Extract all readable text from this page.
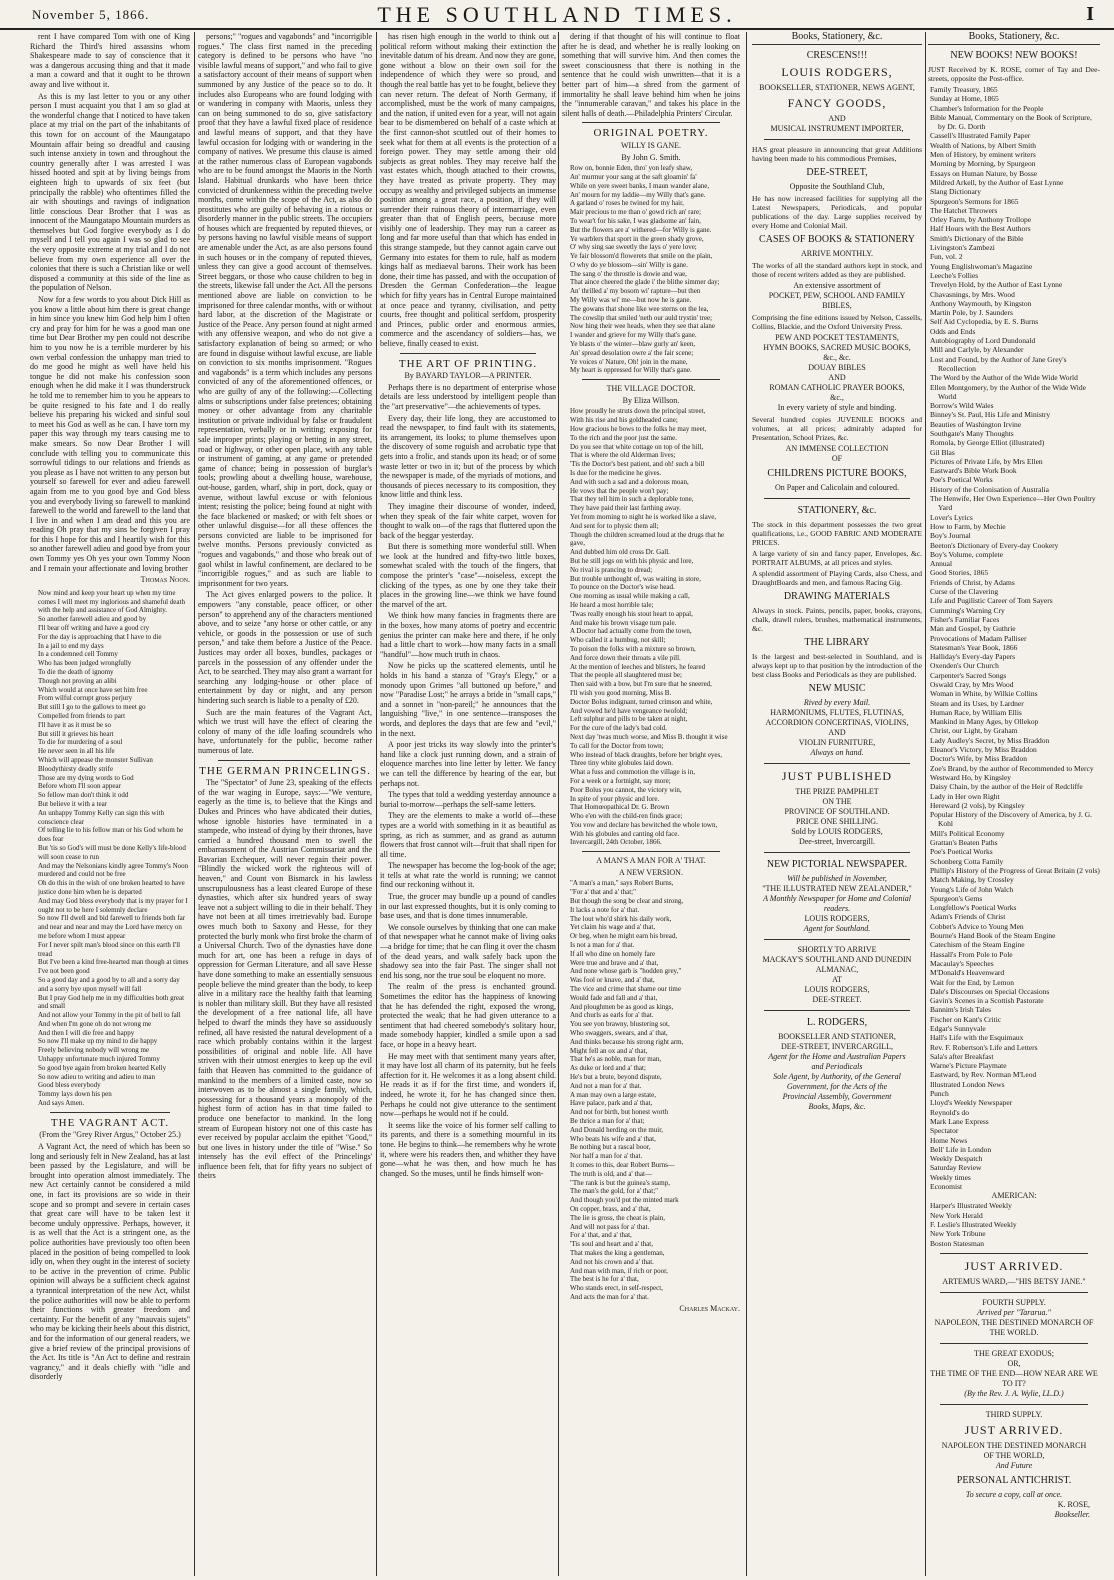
November 5, 1866.	THE SOUTHLAND TIMES.	I

rent I have compared Tom with one of King Richard the Third's hired assassins whom Shakespeare made to say of conscience that it was a dangerous accusing thing and that it made a man a coward and that it ought to be thrown away and live without it.

As this is my last letter to you or any other person I must acquaint you that I am so glad at the wonderful change that I noticed to have taken place at my trial on the part of the inhabitants of this town for on account of the Maungatapo Mountain affair being so dreadful and causing such intense anxiety in town and throughout the country generally after I was arrested I was hissed hooted and spit at by living beings from eighteen high to upwards of six feet (but principally the rabble) who oftentimes filled the air with shoutings and ravings of indignation little conscious Dear Brother that I was as innocent of the Maungatapo Mountain murders as themselves but God forgive everybody as I do myself and I tell you again I was so glad to see the very opposite extreme at my trial and I do not believe from my own experience all over the colonies that there is such a Christian like or well disposed a community at this side of the line as the population of Nelson.

Now for a few words to you about Dick Hill as you know a little about him there is great change in him since you knew him God help him I often cry and pray for him for he was a good man one time but Dear Brother my pen could not describe him to you now he is a terrible murderer by his own verbal confession the unhappy man tried to do me good he might as well have held his tongue he did not make his confession soon enough when he did make it I was thunderstruck he told me to remember him to you he appears to be quite resigned to his fate and I do really believe his preparing his wicked and sinful soul to meet his God as well as he can. I have torn my paper this way through my tears causing me to make smears. So now Dear Brother I will conclude with telling you to communicate this sorrowful tidings to our relations and friends as you please as I have not written to any person but yourself so farewell for ever and adieu farewell again from me to you good bye and God bless you and everybody living so farewell to mankind farewell to the world and farewell to the land that I live in and when I am dead and this you are reading Oh pray that my sins be forgiven I pray for this I hope for this and I heartily wish for this so another farewell adieu and good bye from your own Tommy yes Oh yes your own Tommy Noon and I remain your affectionate and loving brother

Thomas Noon.
Now mind and keep your heart up when my time comes I will meet my inglorious and shameful death with the help and assistance of God Almighty.
So another farewell adieu and good by
I'll bear off writing and have a good cry
For the day is approaching that I have to die
In a jail to end my days
In a condemned cell Tommy
Who has been judged wrongfully
To die the death of ignomy
Though not proving an alibi
Which would at once have set him free
From wilful corrupt gross perjury
But still I go to the gallows to meet go
Compelled from friends to part
I'll have it as it must be so
But still it grieves his heart
To die for murdering of a soul
He never seen in all his life
Which will appease the monster Sullivan
Bloodythirsty deadly strife
Those are my dying words to God
Before whom I'll soon appear
So fellow man don't think it odd
But believe it with a tear
An unhappy Tommy Kelly can sign this with conscience clear
Of telling lie to his fellow man or his God whom he does fear
But 'tis so God's will must be done Kelly's life-blood will soon cease to run
And may the Nelsonians kindly agree Tommy's Noon murdered and could not be free
Oh do this in the wish of one broken hearted to have justice done him when he is departed
And may God bless everybody that is my prayer for I ought not to be here I solemnly declare
So now I'll dwell and bid farewell to friends both far and near and near and may the Lord have mercy on me before whom I must appear
For I never spilt man's blood since on this earth I'll tread
But I've been a kind free-hearted man though at times I've not been good
So a good day and a good by to all and a sorry day and a sorry bye upon myself will fall
But I pray God help me in my difficulties both great and small
And not allow your Tommy in the pit of hell to fall
And when I'm gone oh do not wrong me
And then I will die free and happy
So now I'll make up my mind to die happy
Freely believing nobody will wrong me
Unhappy unfortunate much injured Tommy
So good bye again from broken hearted Kelly
So now adieu to writing and adieu to man
Good bless everybody
Tommy lays down his pen
And says Amen.
THE VAGRANT ACT.
(From the "Grey River Argus," October 25.)

A Vagrant Act, the need of which has been so long and seriously felt in New Zealand, has at last been passed by the Legislature, and will be brought into operation almost immediately. The new Act certainly cannot be considered a mild one, in fact its provisions are so wide in their scope and so prompt and severe in certain cases that great care will have to be taken lest it become unduly oppressive. Perhaps, however, it is as well that the Act is a stringent one, as the police authorities have previously too often been placed in the position of being compelled to look idly on, when they ought in the interest of society to be active in the prevention of crime. Public opinion will always be a sufficient check against a tyrannical interpretation of the new Act, whilst the police authorities will now be able to perform their functions with greater freedom and certainty. For the benefit of any "mauvais sujets" who may be kicking their heels about this district, and for the information of our general readers, we give a brief review of the principal provisions of the Act. Its title is "An Act to define and restrain vagrancy," and it deals chiefly with "idle and disorderly

persons;" "rogues and vagabonds" and "incorrigible rogues." The class first named in the preceding category is defined to be persons who have "no visible lawful means of support," and who fail to give a satisfactory account of their means of support when summoned by any Justice of the peace so to do. It includes also Europeans who are found lodging with or wandering in company with Maoris, unless they can on being summoned to do so, give satisfactory proof that they have a lawful fixed place of residence and lawful means of support, and that they have lawful occasion for lodging with or wandering in the company of natives. We presume this clause is aimed at the rather numerous class of European vagabonds who are to be found amongst the Maoris in the North Island. Habitual drunkards who have been thrice convicted of drunkenness within the preceding twelve months, come within the scope of the Act, as also do prostitutes who are guilty of behaving in a riotous or disorderly manner in the public streets. The occupiers of houses which are frequented by reputed thieves, or by persons having no lawful visible means of support are amenable under the Act, as are also persons found in such houses or in the company of reputed thieves, unless they can give a good account of themselves. Street beggars, or those who cause children to beg in the streets, likewise fall under the Act. All the persons mentioned above are liable on conviction to be imprisoned for three calendar months, with or without hard labor, at the discretion of the Magistrate or Justice of the Peace. Any person found at night armed with any offensive weapon, and who do not give a satisfactory explanation of being so armed; or who are found in disguise without lawful excuse, are liable on conviction to six months imprisonment. "Rogues and vagabonds" is a term which includes any persons convicted of any of the aforementioned offences, or who are guilty of any of the following:—Collecting alms or subscriptions under false pretences; obtaining money or other advantage from any charitable institution or private individual by false or fraudulent representation, verbally or in writing; exposing for sale improper prints; playing or betting in any street, road or highway, or other open place, with any table or instrument of gaming, at any game or pretended game of chance; being in possession of burglar's tools; prowling about a dwelling house, warehouse, out-house, garden, wharf, ship in port, dock, quay or avenue, without lawful excuse or with felonious intent; resisting the police; being found at night with the face blackened or masked; or with felt shoes or other unlawful disguise—for all these offences the persons convicted are liable to be imprisoned for twelve months. Persons previously convicted as "rogues and vagabonds," and those who break out of gaol whilst in lawful confinement, are declared to be "incorrigible rogues," and as such are liable to imprisonment for two years.

The Act gives enlarged powers to the police. It empowers "any constable, peace officer, or other person" to apprehend any of the characters mentioned above, and to seize "any horse or other cattle, or any vehicle, or goods in the possession or use of such person," and take them before a Justice of the Peace. Justices may order all boxes, bundles, packages or parcels in the possession of any offender under the Act, to be searched. They may also grant a warrant for searching any lodging-house or other place of entertainment by day or night, and any person hindering such search is liable to a penalty of £20.

Such are the main features of the Vagrant Act, which we trust will have the effect of clearing the colony of many of the idle loafing scoundrels who have, unfortunately for the public, become rather numerous of late.

THE GERMAN PRINCELINGS.

The "Spectator" of June 23, speaking of the effects of the war waging in Europe, says:—"We venture, eagerly as the time is, to believe that the Kings and Dukes and Princes who have abdicated their duties, whose ignoble histories have terminated in a stampede, who instead of dying by their thrones, have carried a hundred thousand men to swell the embarrassment of the Austrian Commissariat and the Bavarian Exchequer, will never regain their power. "Blindly the wicked work the righteous will of heaven," and Count von Bismarck in his lawless unscrupulousness has a least cleared Europe of these dynasties, which after six hundred years of sway leave not a subject willing to die in their behalf. They have not been at all times irretrievably bad. Europe owes much both to Saxony and Hesse, for they protected the burly monk who first broke the charm of a Universal Church. Two of the dynasties have done much for art, one has been a refuge in days of oppression for German Literature, and all save Hesse have done something to make an essentially sensuous people believe the mind greater than the body, to keep alive in a military race the healthy faith that learning is nobler than military skill. But they have all resisted the development of a free national life, all have helped to dwarf the minds they have so assiduously refined, all have resisted the natural development of a race which probably contains within it the largest possibilities of original and noble life. All have striven with their utmost energies to keep up the evil faith that Heaven has committed to the guidance of mankind to the members of a limited caste, now so interwoven as to be almost a single family, which, possessing for a thousand years a monopoly of the highest form of action has in that time failed to produce one benefactor to mankind. In the long stream of European history not one of this caste has ever received by popular acclaim the epithet "Good," but one lives in history under the title of "Wise." So intensely has the evil effect of the Princelings' influence been felt, that for fifty years no subject of theirs

has risen high enough in the world to think out a political reform without making their extinction the inevitable datum of his dream. And now they are gone, gone without a blow on their own soil for the independence of which they were so proud, and though the real battle has yet to be fought, believe they can never return. The defeat of North Germany, if accomplished, must be the work of many campaigns, and the nation, if united even for a year, will not again bear to be dismembered on behalf of a caste which at the first cannon-shot scuttled out of their homes to seek what for them at all events is the protection of a foreign power. They may settle among their old subjects as great nobles. They may receive half the vast estates which, though attached to their crowns, they have treated as private property. They may occupy as wealthy and privileged subjects an immense position among a great race, a position, if they will surrender their ruinous theory of intermarriage, even greater than that of English peers, because more visibly one of leadership. They may run a career as long and far more useful than that which has ended in this strange stampede, but they cannot again carve out Germany into estates for them to rule, half as modern kings half as mediaeval barons. Their work has been done, their time has passed, and with the occupation of Dresden the German Confederation—the league which for fifty years has in Central Europe maintained at once peace and tyranny, civilisation, and petty courts, free thought and political serfdom, prosperity and Princes, public order and enormous armies, commerce and the ascendancy of soldiers—has, we believe, finally ceased to exist.

THE ART OF PRINTING.
By BAYARD TAYLOR—A PRINTER.

Perhaps there is no department of enterprise whose details are less understood by intelligent people than the "art preservative"—the achievements of types.

Every day, their life long, they are accustomed to read the newspaper, to find fault with its statements, its arrangement, its looks; to plume themselves upon the discovery of some roguish and acrobatic type that gets into a frolic, and stands upon its head; or of some waste letter or two in it; but of the process by which the newspaper is made, of the myriads of motions, and thousands of pieces necessary to its composition, they know little and think less.

They imagine their discourse of wonder, indeed, when they speak of the fair white carpet, woven for thought to walk on—of the rags that fluttered upon the back of the beggar yesterday.

But there is something more wonderful still. When we look at the hundred and fifty-two little boxes, somewhat scaled with the touch of the fingers, that compose the printer's "case"—noiseless, except the clicking of the types, as one by one they take their places in the growing line—we think we have found the marvel of the art.

We think how many fancies in fragments there are in the boxes, how many atoms of poetry and eccentric genius the printer can make here and there, if he only had a little chart to work—how many facts in a small "handful"—how much truth in chaos.

Now he picks up the scattered elements, until he holds in his hand a stanza of "Gray's Elegy," or a monody upon Grimes "all buttoned up before," and now "Paradise Lost;" he arrays a bride in "small caps," and a sonnet in "non-pareil;" he announces that the languishing "live," in one sentence—transposes the words, and deplores the days that are few and "evil," in the next.

A poor jest tricks its way slowly into the printer's hand like a clock just running down, and a strain of eloquence marches into line letter by letter. We fancy we can tell the difference by hearing of the ear, but perhaps not.

The types that told a wedding yesterday announce a burial to-morrow—perhaps the self-same letters.

They are the elements to make a world of—these types are a world with something in it as beautiful as spring, as rich as summer, and as grand as autumn flowers that frost cannot wilt—fruit that shall ripen for all time.

The newspaper has become the log-book of the age; it tells at what rate the world is running; we cannot find our reckoning without it.

True, the grocer may bundle up a pound of candles in our last expressed thoughts, but it is only coming to base uses, and that is done times innumerable.

We console ourselves by thinking that one can make of that newspaper what he cannot make of living oaks—a bridge for time; that he can fling it over the chasm of the dead years, and walk safely back upon the shadowy sea into the fair Past. The singer shall not end his song, nor the true soul be eloquent no more.

The realm of the press is enchanted ground. Sometimes the editor has the happiness of knowing that he has defended the right, exposed the wrong, protected the weak; that he had given utterance to a sentiment that had cheered somebody's solitary hour, made somebody happier, kindled a smile upon a sad face, or hope in a heavy heart.

He may meet with that sentiment many years after, it may have lost all charm of its paternity, but he feels affection for it. He welcomes it as a long absent child. He reads it as if for the first time, and wonders if, indeed, he wrote it, for he has changed since then. Perhaps he could not give utterance to the sentiment now—perhaps he would not if he could.

It seems like the voice of his former self calling to its parents, and there is a something mournful in its tone. He begins to think—he remembers why he wrote it, where were his readers then, and whither they have gone—what he was then, and how much he has changed. So the muses, until he finds himself won-

dering if that thought of his will continue to float after he is dead, and whether he is really looking on something that will survive him. And then comes the sweet consciousness that there is nothing in the sentence that he could wish unwritten—that it is a better part of him—a shred from the garment of immortality he shall leave behind him when he joins the "innumerable caravan," and takes his place in the silent halls of death.—Philadelphia Printers' Circular.

ORIGINAL POETRY.
WILLY IS GANE.
By John G. Smith.
Row on, bonnie Eden, thro' yon leafy shaw,
An' murmur your sang at the saft gloamin' fa'
While on yere sweet banks, I maun wander alane,
An' mourn for my laddie—my Willy that's gane.
A garland o' roses he twined for my hair,
Mair precious to me than o' gowd rich an' rare;
To wear't for his sake, I was gladsome an' fain,
But the flowers are a' withered—for Willy is gane.
Ye warblers that sport in the green shady grove,
O' why sing sae sweetly the lays o' yere love;
Ye fair blossom'd flowerets that smile on the plain,
O why do ye blossom—sin' Willy is gane.
The sang o' the throstle is dowie and wae,
That aince cheered the glade i' the blithe simmer day;
An' thrilled a' my bosom wi' rapture—but then
My Willy was wi' me—but now he is gane.
The gowans that shone like wee sterns on the lea,
The cowslip that smiled 'neth our auld trystin' tree;
Now hing their wee heads, when they see that alane
I wander and grieve for my Willy that's gane.
Ye blasts o' the winter—blaw gurly an' keen,
An' spread desolation owre a' the fair scene;
Ye voices o' Nature, Oh! join in the mane,
My heart is oppressed for Willy that's gane.
THE VILLAGE DOCTOR.
By Eliza Willson.
How proudly he struts down the principal street,
With his rise and his goldheaded cane;
How gracious he bows to the folks he may meet,
To the rich and the poor just the same.
Do you see that white cottage on top of the hill,
That is where the old Alderman lives;
'Tis the Doctor's best patient, and oh! such a bill
Is due for the medicine he gives.
And with such a sad and a dolorous moan,
He vows that the people won't pay;
That they tell him in such a deplorable tone,
They have paid their last farthing away.
Yet from morning to night he is worked like a slave,
And sent for to physic them all;
Though the children screamed loud at the drugs that he gave,
And dubbed him old cross Dr. Gall.
But he still jogs on with his physic and lore,
No rival is prancing to dread;
But trouble unthought of, was waiting in store,
To pounce on the Doctor's wise head.
One morning as usual while making a call,
He heard a most horrible tale;
'Twas really enough his stout heart to appal,
And make his brown visage turn pale.
A Doctor had actually come from the town,
Who called it a humbug, not skill;
To poison the folks with a mixture so brown,
And force down their throats a vile pill.
At the mention of leeches and blisters, he feared
That the people all slaughtered must be;
Then said with a bow, but I'm sure that he sneered,
I'll wish you good morning, Miss B.
Doctor Bolus indignant, turned crimson and white,
And vowed he'd have vengeance twofold;
Left sulphur and pills to be taken at night,
For the cure of the lady's bad cold.
Next day 'twas much worse, and Miss B. thought it wise
To call for the Doctor from town;
Who instead of black draughts, before her bright eyes,
Three tiny white globules laid down.
What a fuss and commotion the village is in,
For a week or a fortnight, say more;
Poor Bolus you cannot, the victory win,
In spite of your physic and lore.
That Homœopathical Dr. G. Brown
Who e'en with the child-ren finds grace;
You vow and declare has bewitched the whole town,
With his globules and canting old face.
Invercargill, 24th October, 1866.
A MAN'S A MAN FOR A' THAT.
A NEW VERSION.
"A man's a man," says Robert Burns,
"For a' that and a' that;"
But though the song be clear and strong,
It lacks a note for a' that.
The lout who'd shirk his daily work,
Yet claim his wage and a' that,
Or beg, when he might earn his bread,
Is not a man for a' that.
If all who dine on homely fare
Were true and brave and a' that,
And none whose garb is "hodden grey,"
Was fool or knave, and a' that,
The vice and crime that shame our time
Would fade and fall and a' that,
And ploughmen be as good as kings,
And churls as earls for a' that.
You see yon brawny, blustering sot,
Who swaggers, swears, and a' that,
And thinks because his strong right arm,
Might fell an ox and a' that,
That he's as noble, man for man,
As duke or lord and a' that;
He's but a brute, beyond dispute,
And not a man for a' that.
A man may own a large estate,
Have palace, park and a' that,
And not for birth, but honest worth
Be thrice a man for a' that;
And Donald herding on the muir,
Who beats his wife and a' that,
Be nothing but a rascal boor,
Nor half a man for a' that.
It comes to this, dear Robert Burns—
The truth is old, and a' that—
"The rank is but the guinea's stamp,
The man's the gold, for a' that;"
And though you'd put the minted mark
On copper, brass, and a' that,
The lie is gross, the cheat is plain,
And will not pass for a' that.
For a' that, and a' that,
'Tis soul and heart and a' that,
That makes the king a gentleman,
And not his crown and a' that.
And man with man, if rich or poor,
The best is he for a' that,
Who stands erect, in self-respect,
And acts the man for a' that.
Charles Mackay.
Books, Stationery, &c.
CRESCENS!!!
LOUIS RODGERS,
BOOKSELLER, STATIONER, NEWS AGENT,
FANCY GOODS,
AND
MUSICAL INSTRUMENT IMPORTER,
HAS great pleasure in announcing that great Additions having been made to his commodious Premises,
DEE-STREET,
Opposite the Southland Club,
He has now increased facilities for supplying all the Latest Newspapers, Periodicals, and popular publications of the day. Large supplies received by every Home and Colonial Mail.
CASES OF BOOKS & STATIONERY
ARRIVE MONTHLY.
The works of all the standard authors kept in stock, and those of recent writers added as they are published.
An extensive assortment of
POCKET, PEW, SCHOOL AND FAMILY
BIBLES,
Comprising the fine editions issued by Nelson, Cassells, Collins, Blackie, and the Oxford University Press.
PEW AND POCKET TESTAMENTS,
HYMN BOOKS, SACRED MUSIC BOOKS,
&c., &c.
DOUAY BIBLES
AND
ROMAN CATHOLIC PRAYER BOOKS,
&c.,
In every variety of style and binding.
Several hundred copies JUVENILE BOOKS and volumes, at all prices; admirably adapted for Presentation, School Prizes, &c.
AN IMMENSE COLLECTION
OF
CHILDRENS PICTURE BOOKS,
On Paper and Calicolain and coloured.
STATIONERY, &c.
The stock in this department possesses the two great qualifications, i.e., GOOD FABRIC AND MODERATE PRICES.
A large variety of sin and fancy paper, Envelopes, &c. PORTRAIT ALBUMS, at all prices and styles.
A splendid assortment of Playing Cards, also Chess, and DraughtBoards and men, and famous Racing Gig.
DRAWING MATERIALS
Always in stock. Paints, pencils, paper, books, crayons, chalk, drawll rulers, brushes, mathematical instruments, &c.
THE LIBRARY
Is the largest and best-selected in Southland, and is always kept up to that position by the introduction of the best class Books and Periodicals as they are published.
NEW MUSIC
Rived by every Mail.
HARMONIUMS, FLUTES, FLUTINAS,
ACCORDION CONCERTINAS, VIOLINS,
AND
VIOLIN FURNITURE,
Always on hand.
JUST PUBLISHED
THE PRIZE PAMPHLET
ON THE
PROVINCE OF SOUTHLAND.
PRICE ONE SHILLING.
Sold by LOUIS RODGERS,
Dee-street, Invercargill.
NEW PICTORIAL NEWSPAPER.
Will be published in November,
"THE ILLUSTRATED NEW ZEALANDER,"
A Monthly Newspaper for Home and Colonial readers.
LOUIS RODGERS,
Agent for Southland.
SHORTLY TO ARRIVE
MACKAY'S SOUTHLAND AND DUNEDIN ALMANAC,
AT
LOUIS RODGERS,
DEE-STREET.
L. RODGERS,
BOOKSELLER AND STATIONER,
DEE-STREET, INVERCARGILL,
Agent for the Home and Australian Papers
and Periodicals
Sole Agent, by Authority, of the General
Government, for the Acts of the
Provincial Assembly, Government
Books, Maps, &c.
Books, Stationery, &c.
NEW BOOKS! NEW BOOKS!
JUST Received by K. ROSE, corner of Tay and Dee-streets, opposite the Post-office.
Family Treasury, 1865
Sunday at Home, 1865
Chamber's Information for the People
Bible Manual, Commentary on the Book of Scripture, by Dr. G. Dorth
Cassell's Illustrated Family Paper
Wealth of Nations, by Albert Smith
Men of History, by eminent writers
Morning by Morning, by Spurgeon
Essays on Human Nature, by Bosse
Mildred Arkell, by the Author of East Lynne
Slang Dictionary
Spurgeon's Sermons for 1865
The Hatchet Throwers
Orley Farm, by Anthony Trollope
Half Hours with the Best Authors
Smith's Dictionary of the Bible
Livingston's Zambezi
Fun, vol. 2
Young Englishwoman's Magazine
Leeche's Follies
Trevelyn Hold, by the Author of East Lynne
Chavasnings, by Mrs. Wood
Anthony Waymouth, by Kingston
Martin Pole, by J. Saunders
Self Aid Cyclopedia, by E. S. Burns
Odds and Ends
Autobiography of Lord Dundonald
Mill and Carlyle, by Alexander
Lost and Found, by the Author of Jane Grey's Recollection
The Word by the Author of the Wide Wide World
Ellen Montgomery, by the Author of the Wide Wide World
Borrow's Wild Wales
Binney's St. Paul, His Life and Ministry
Beauties of Washington Irvine
Southgate's Many Thoughts
Romola, by George Elliot (illustrated)
Gil Blas
Pictures of Private Life, by Mrs Ellen
Eastward's Bible Work Book
Poe's Poetical Works
History of the Colonisation of Australia
The Henwife, Her Own Experience—Her Own Poultry Yard
Lover's Lyrics
How to Farm, by Mechie
Boy's Journal
Beeton's Dictionary of Every-day Cookery
Boy's Volume, complete
Annual
Good Stories, 1865
Friends of Christ, by Adams
Curse of the Clavering
Life and Pugilistic Career of Tom Sayers
Cumming's Warning Cry
Fisher's Familiar Faces
Man and Gospel, by Guthrie
Provocations of Madam Palliser
Statesman's Year Book, 1866
Halliday's Every-day Papers
Oxenden's Our Church
Carpenter's Sacred Songs
Oswald Cray, by Mrs Wood
Woman in White, by Wilkie Collins
Steam and its Uses, by Lardner
Human Race, by William Ellis
Mankind in Many Ages, by Ollekop
Christ, our Light, by Graham
Lady Audley's Secret, by Miss Braddon
Eleanor's Victory, by Miss Braddon
Doctor's Wife, by Miss Braddon
Zoe's Brand, by the author of Recommended to Mercy
Westward Ho, by Kingsley
Daisy Chain, by the author of the Heir of Redcliffe
Lady in Her own Right
Hereward (2 vols), by Kingsley
Popular History of the Discovery of America, by J. G. Kohl
Mill's Political Economy
Grattan's Beaten Paths
Poe's Poetical Works
Schonberg Cotta Family
Phillip's History of the Progress of Great Britain (2 vols)
Match Making, by Crossley
Young's Life of John Walch
Spurgeon's Gems
Longfellow's Poetical Works
Adam's Friends of Christ
Cobbet's Advice to Young Men
Bourne's Hand Book of the Steam Engine
Catechism of the Steam Engine
Hassall's From Pole to Pole
Macaulay's Speeches
M'Donald's Heavenward
Wait for the End, by Lemon
Dale's Discourses on Special Occasions
Gavin's Scenes in a Scottish Pastorate
Bannim's Irish Tales
Fischer on Kant's Critic
Edgar's Sunnyvale
Hall's Life with the Esquimaux
Rev. F. Robertson's Life and Letters
Sala's after Breakfast
Warne's Picture Playmate
Eastward, by Rev. Norman M'Leod
Illustrated London News
Punch
Lloyd's Weekly Newspaper
Reynold's do
Mark Lane Express
Spectator
Home News
Bell' Life in London
Weekly Despatch
Saturday Review
Weekly times
Economist
AMERICAN:
Harper's Illustrated Weekly
New York Herald
F. Leslie's Illustrated Weekly
New York Tribune
Boston Statesman
JUST ARRIVED.
ARTEMUS WARD,—"HIS BETSY JANE."
FOURTH SUPPLY.
Arrived per "Tararua."
NAPOLEON, THE DESTINED MONARCH OF THE WORLD.
THE GREAT EXODUS;
OR,
THE TIME OF THE END—HOW NEAR ARE WE TO IT?
(By the Rev. J. A. Wylie, LL.D.)
THIRD SUPPLY.
JUST ARRIVED.
NAPOLEON THE DESTINED MONARCH
OF THE WORLD,
And Future
PERSONAL ANTICHRIST.
To secure a copy, call at once.
K. ROSE,
Bookseller.
